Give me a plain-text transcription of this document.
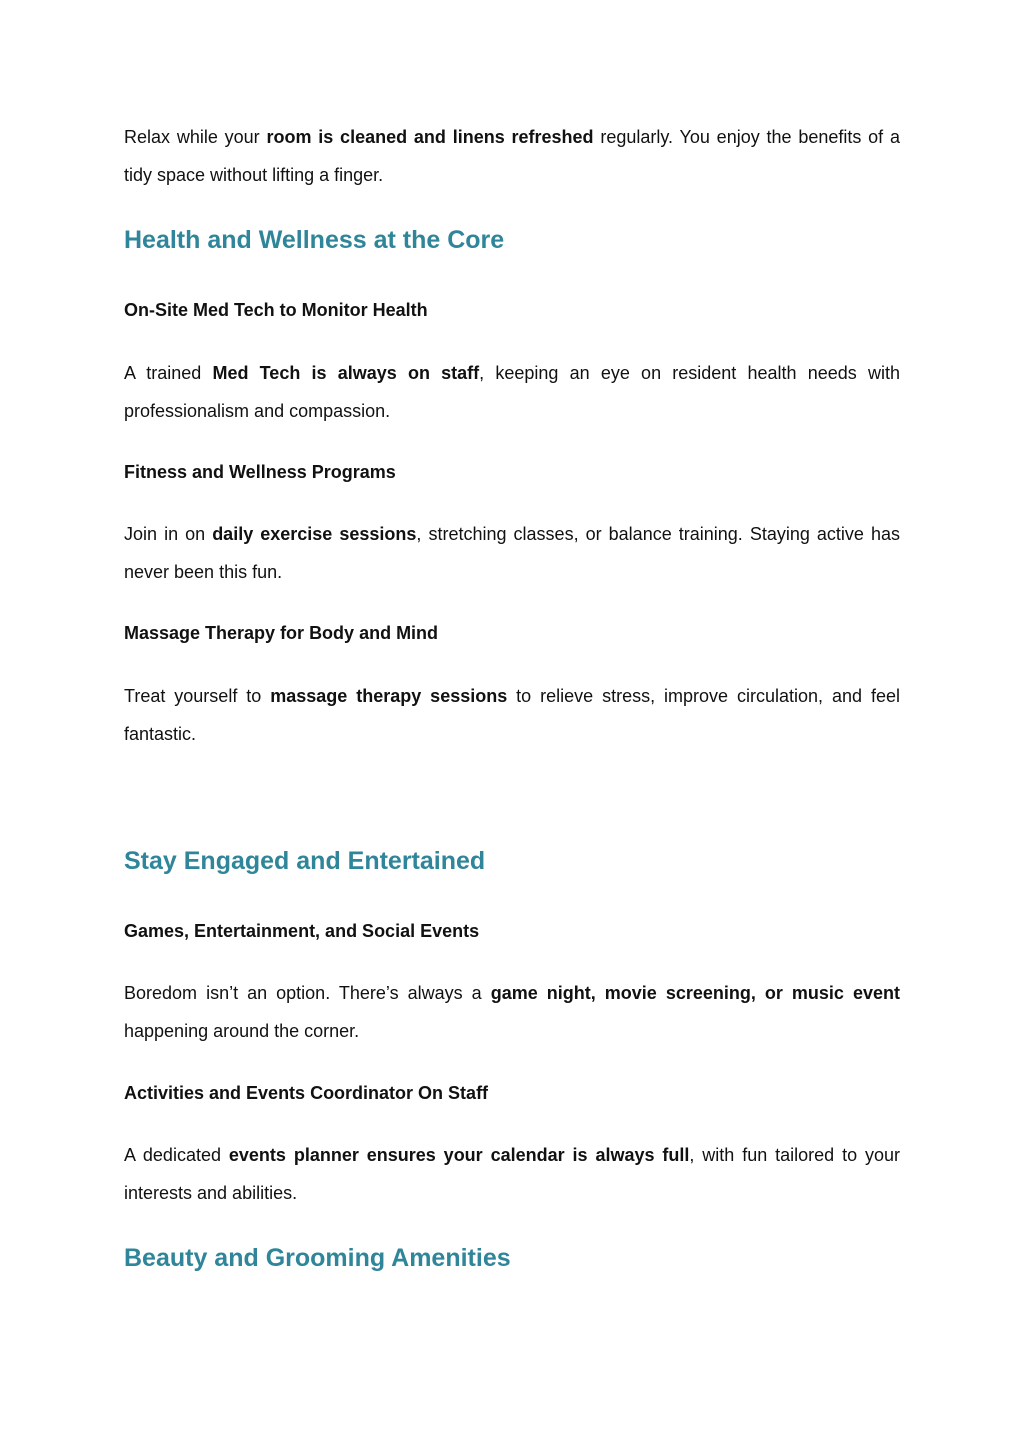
Relax while your room is cleaned and linens refreshed regularly. You enjoy the benefits of a tidy space without lifting a finger.

Health and Wellness at the Core
On-Site Med Tech to Monitor Health

A trained Med Tech is always on staff, keeping an eye on resident health needs with professionalism and compassion.

Fitness and Wellness Programs

Join in on daily exercise sessions, stretching classes, or balance training. Staying active has never been this fun.

Massage Therapy for Body and Mind

Treat yourself to massage therapy sessions to relieve stress, improve circulation, and feel fantastic.

Stay Engaged and Entertained
Games, Entertainment, and Social Events

Boredom isn’t an option. There’s always a game night, movie screening, or music event happening around the corner.

Activities and Events Coordinator On Staff

A dedicated events planner ensures your calendar is always full, with fun tailored to your interests and abilities.

Beauty and Grooming Amenities
